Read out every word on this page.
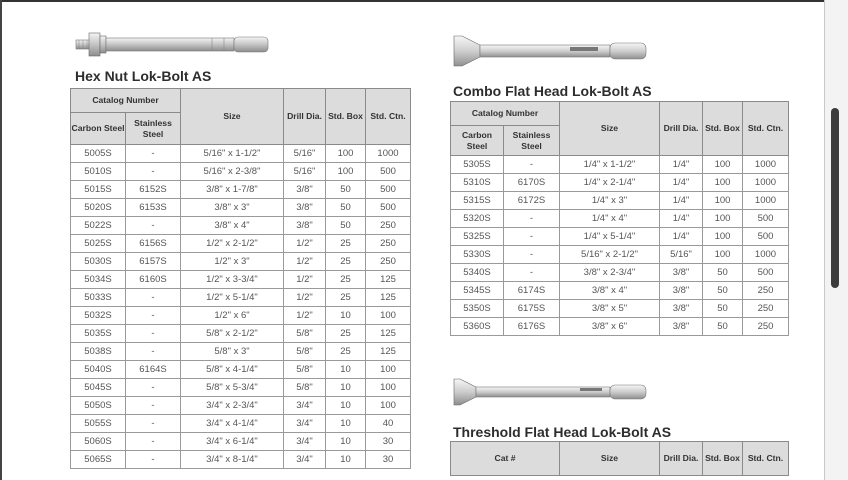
Hex Nut Lok-Bolt AS
Catalog Number		Size	Drill Dia.	Std. Box	Std. Ctn.
Carbon Steel	Stainless Steel				
5005S	-	5/16" x 1-1/2"	5/16"	100	1000
5010S	-	5/16" x 2-3/8"	5/16"	100	500
5015S	6152S	3/8" x 1-7/8"	3/8"	50	500
5020S	6153S	3/8" x 3"	3/8"	50	500
5022S	-	3/8" x 4"	3/8"	50	250
5025S	6156S	1/2" x 2-1/2"	1/2"	25	250
5030S	6157S	1/2" x 3"	1/2"	25	250
5034S	6160S	1/2" x 3-3/4"	1/2"	25	125
5033S	-	1/2" x 5-1/4"	1/2"	25	125
5032S	-	1/2" x 6"	1/2"	10	100
5035S	-	5/8" x 2-1/2"	5/8"	25	125
5038S	-	5/8" x 3"	5/8"	25	125
5040S	6164S	5/8" x 4-1/4"	5/8"	10	100
5045S	-	5/8" x 5-3/4"	5/8"	10	100
5050S	-	3/4" x 2-3/4"	3/4"	10	100
5055S	-	3/4" x 4-1/4"	3/4"	10	40
5060S	-	3/4" x 6-1/4"	3/4"	10	30
5065S	-	3/4" x 8-1/4"	3/4"	10	30
Combo Flat Head Lok-Bolt AS
Catalog Number		Size	Drill Dia.	Std. Box	Std. Ctn.
Carbon Steel	Stainless Steel				
5305S	-	1/4" x 1-1/2"	1/4"	100	1000
5310S	6170S	1/4" x 2-1/4"	1/4"	100	1000
5315S	6172S	1/4" x 3"	1/4"	100	1000
5320S	-	1/4" x 4"	1/4"	100	500
5325S	-	1/4" x 5-1/4"	1/4"	100	500
5330S	-	5/16" x 2-1/2"	5/16"	100	1000
5340S	-	3/8" x 2-3/4"	3/8"	50	500
5345S	6174S	3/8" x 4"	3/8"	50	250
5350S	6175S	3/8" x 5"	3/8"	50	250
5360S	6176S	3/8" x 6"	3/8"	50	250
Threshold Flat Head Lok-Bolt AS
Cat #	Size	Drill Dia.	Std. Box	Std. Ctn.
